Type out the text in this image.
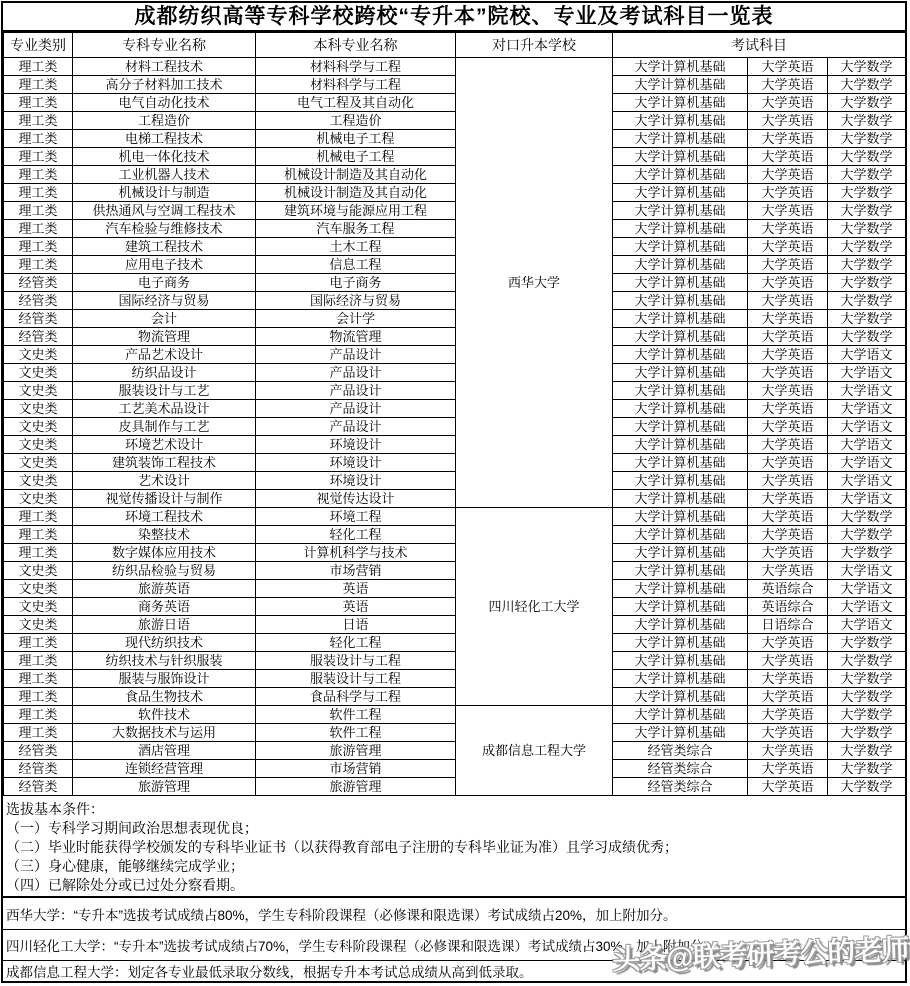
成都纺织高等专科学校跨校“专升本”院校、专业及考试科目一览表
专业类别	专科专业名称	本科专业名称	对口升本学校	考试科目		
理工类	材料工程技术	材料科学与工程	西华大学	大学计算机基础	大学英语	大学数学
理工类	高分子材料加工技术	材料科学与工程		大学计算机基础	大学英语	大学数学
理工类	电气自动化技术	电气工程及其自动化		大学计算机基础	大学英语	大学数学
理工类	工程造价	工程造价		大学计算机基础	大学英语	大学数学
理工类	电梯工程技术	机械电子工程		大学计算机基础	大学英语	大学数学
理工类	机电一体化技术	机械电子工程		大学计算机基础	大学英语	大学数学
理工类	工业机器人技术	机械设计制造及其自动化		大学计算机基础	大学英语	大学数学
理工类	机械设计与制造	机械设计制造及其自动化		大学计算机基础	大学英语	大学数学
理工类	供热通风与空调工程技术	建筑环境与能源应用工程		大学计算机基础	大学英语	大学数学
理工类	汽车检验与维修技术	汽车服务工程		大学计算机基础	大学英语	大学数学
理工类	建筑工程技术	土木工程		大学计算机基础	大学英语	大学数学
理工类	应用电子技术	信息工程		大学计算机基础	大学英语	大学数学
经管类	电子商务	电子商务		大学计算机基础	大学英语	大学数学
经管类	国际经济与贸易	国际经济与贸易		大学计算机基础	大学英语	大学数学
经管类	会计	会计学		大学计算机基础	大学英语	大学数学
经管类	物流管理	物流管理		大学计算机基础	大学英语	大学数学
文史类	产品艺术设计	产品设计		大学计算机基础	大学英语	大学语文
文史类	纺织品设计	产品设计		大学计算机基础	大学英语	大学语文
文史类	服装设计与工艺	产品设计		大学计算机基础	大学英语	大学语文
文史类	工艺美术品设计	产品设计		大学计算机基础	大学英语	大学语文
文史类	皮具制作与工艺	产品设计		大学计算机基础	大学英语	大学语文
文史类	环境艺术设计	环境设计		大学计算机基础	大学英语	大学语文
文史类	建筑装饰工程技术	环境设计		大学计算机基础	大学英语	大学语文
文史类	艺术设计	环境设计		大学计算机基础	大学英语	大学语文
文史类	视觉传播设计与制作	视觉传达设计		大学计算机基础	大学英语	大学语文
理工类	环境工程技术	环境工程	四川轻化工大学	大学计算机基础	大学英语	大学数学
理工类	染整技术	轻化工程		大学计算机基础	大学英语	大学数学
理工类	数字媒体应用技术	计算机科学与技术		大学计算机基础	大学英语	大学数学
文史类	纺织品检验与贸易	市场营销		大学计算机基础	大学英语	大学语文
文史类	旅游英语	英语		大学计算机基础	英语综合	大学语文
文史类	商务英语	英语		大学计算机基础	英语综合	大学语文
文史类	旅游日语	日语		大学计算机基础	日语综合	大学语文
理工类	现代纺织技术	轻化工程		大学计算机基础	大学英语	大学数学
理工类	纺织技术与针织服装	服装设计与工程		大学计算机基础	大学英语	大学数学
理工类	服装与服饰设计	服装设计与工程		大学计算机基础	大学英语	大学数学
理工类	食品生物技术	食品科学与工程		大学计算机基础	大学英语	大学数学
理工类	软件技术	软件工程	成都信息工程大学	大学计算机基础	大学英语	大学数学
理工类	大数据技术与运用	软件工程		大学计算机基础	大学英语	大学数学
经管类	酒店管理	旅游管理		经管类综合	大学英语	大学数学
经管类	连锁经营管理	市场营销		经管类综合	大学英语	大学数学
经管类	旅游管理	旅游管理		经管类综合	大学英语	大学数学
选拔基本条件：
（一）专科学习期间政治思想表现优良；
（二）毕业时能获得学校颁发的专科毕业证书（以获得教育部电子注册的专科毕业证为准）且学习成绩优秀；
（三）身心健康，能够继续完成学业；
（四）已解除处分或已过处分察看期。
西华大学：“专升本”选拔考试成绩占80%，学生专科阶段课程（必修课和限选课）考试成绩占20%，加上附加分。
四川轻化工大学：“专升本”选拔考试成绩占70%，学生专科阶段课程（必修课和限选课）考试成绩占30%，加上附加分。
成都信息工程大学：划定各专业最低录取分数线，根据专升本考试总成绩从高到低录取。	头条@联考研考公的老师
